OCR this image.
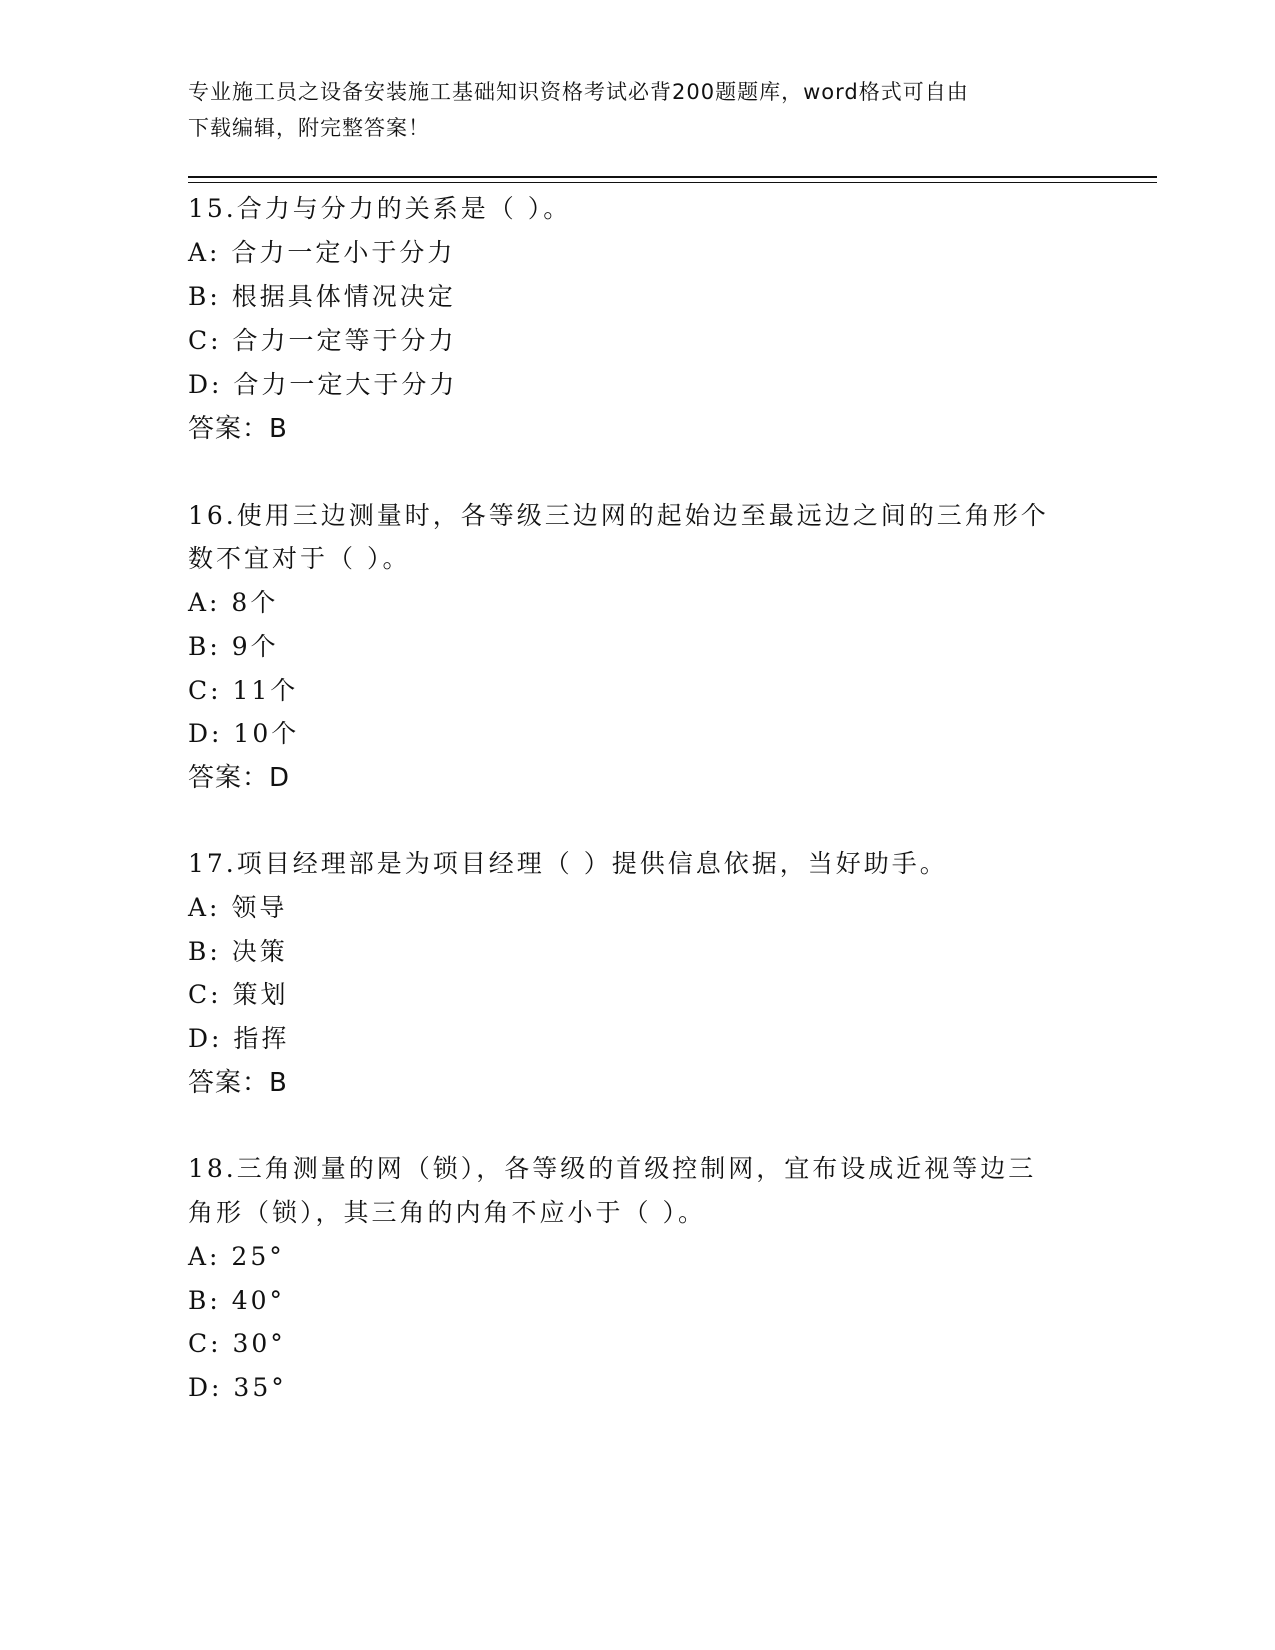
专业施工员之设备安装施工基础知识资格考试必背200题题库，word格式可自由
下载编辑，附完整答案！
15.合力与分力的关系是（ ）。
A: 合力一定小于分力
B: 根据具体情况决定
C: 合力一定等于分力
D: 合力一定大于分力
答案：B
16.使用三边测量时，各等级三边网的起始边至最远边之间的三角形个
数不宜对于（ ）。
A: 8个
B: 9个
C: 11个
D: 10个
答案：D
17.项目经理部是为项目经理（ ）提供信息依据，当好助手。
A: 领导
B: 决策
C: 策划
D: 指挥
答案：B
18.三角测量的网（锁），各等级的首级控制网，宜布设成近视等边三
角形（锁），其三角的内角不应小于（ ）。
A: 25°
B: 40°
C: 30°
D: 35°
